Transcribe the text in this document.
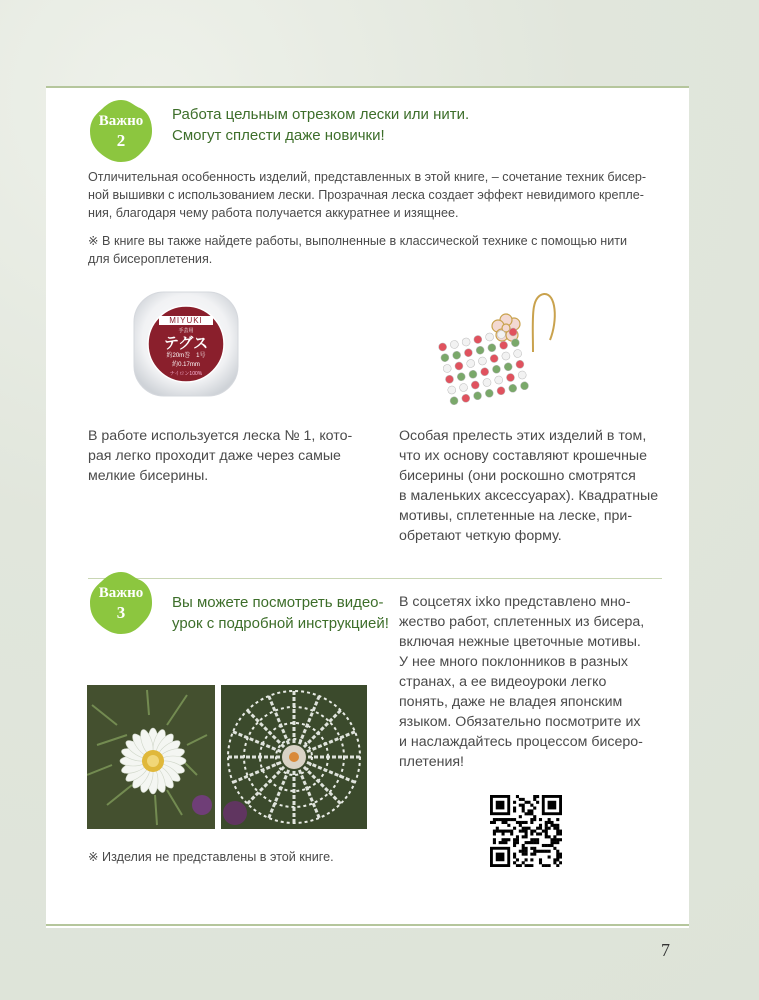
Важно
2
Работа цельным отрезком лески или нити.
Смогут сплести даже новички!
Отличительная особенность изделий, представленных в этой книге, – сочетание техник бисер-
ной вышивки с использованием лески. Прозрачная леска создает эффект невидимого крепле-
ния, благодаря чему работа получается аккуратнее и изящнее.
※ В книге вы также найдете работы, выполненные в классической технике с помощью нити
для бисероплетения.
MIYUKI
手芸用
テグス
約20m巻 1号
約0.17mm
ナイロン100%
В работе используется леска № 1, кото-
рая легко проходит даже через самые
мелкие бисерины.
Особая прелесть этих изделий в том,
что их основу составляют крошечные
бисерины (они роскошно смотрятся
в маленьких аксессуарах). Квадратные
мотивы, сплетенные на леске, при-
обретают четкую форму.
Важно
3
Вы можете посмотреть видео-
урок с подробной инструкцией!
В соцсетях ixko представлено мно-
жество работ, сплетенных из бисера,
включая нежные цветочные мотивы.
У нее много поклонников в разных
странах, а ее видеоуроки легко
понять, даже не владея японским
языком. Обязательно посмотрите их
и наслаждайтесь процессом бисеро-
плетения!
※ Изделия не представлены в этой книге.
7
